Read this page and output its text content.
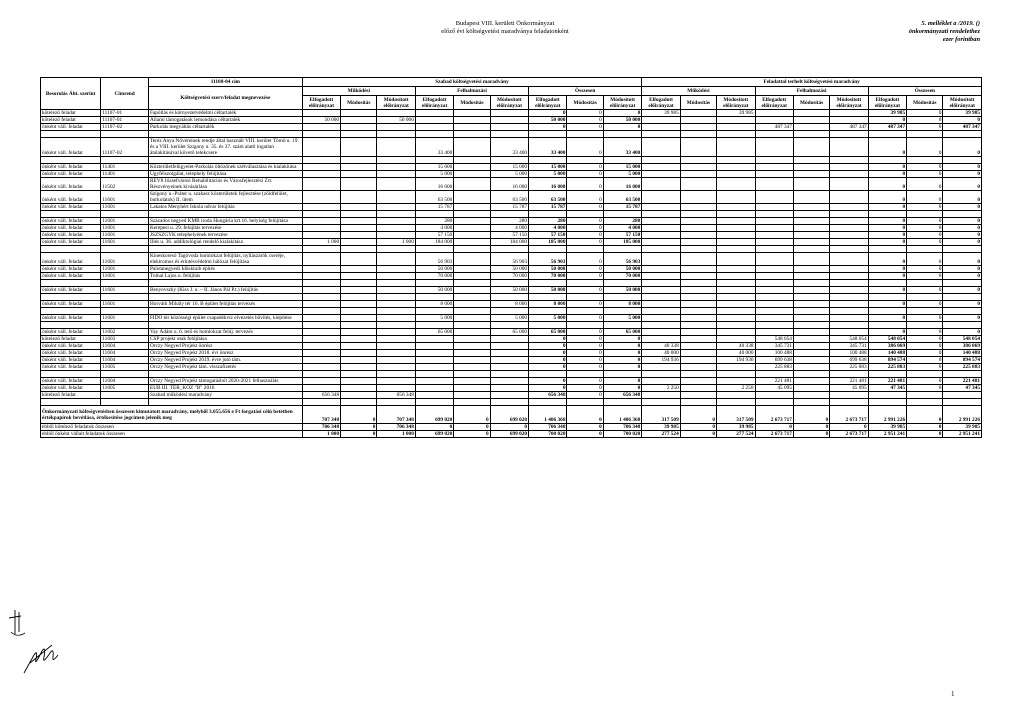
Budapest VIII. kerületi Önkormányzat
előző évi költségvetési maradványa feladatonként
5. melléklet a /2019. ()
önkormányzati rendelethez
ezer forintban
Besorolás Áht. szerint	Címrend	11108-04 cím	Szabad költségvetési maradvány									Feladattal terhelt költségvetési maradvány								
		Költségvetési szerv/feladat megnevezése	Működési			Felhalmozási			Összesen			Működési			Felhalmozási			Összesen		
			Elfogadott előirányzat	Módosítás	Módosított előirányzat	Elfogadott előirányzat	Módosítás	Módosított előirányzat	Elfogadott előirányzat	Módosítás	Módosított előirányzat	Elfogadott előirányzat	Módosítás	Módosított előirányzat	Elfogadott előirányzat	Módosítás	Módosított előirányzat	Elfogadott előirányzat	Módosítás	Módosított előirányzat
kötelező feladat	11107-01	Fapótlás és környezetvédelmi céltartalék							0	0	0	39 985		39 985				39 985	0	39 985
kötelező feladat	11107-01	Állami támogatások lemondása céltartalék	50 000		50 000				50 000	0	50 000							0	0	0
önként váll. feladat	11107-02	Parkolás megváltás céltartalék							0	0	0				487 347		487 347	487 347	0	487 347

önként váll. feladat	11107-02	Teréz Anya Nővéreinek rendje által használt VIII. kerület Tömő u. 19. és a VIII. kerület Szigony u. 35. és 37. szám alatti ingatlan átalakításával követő telekcsere				33 400		33 400	33 400	0	33 400							0	0	0

önként váll. feladat	11401	Közterületfelügyelet-Parkolás öltözőnek szétválasztása és kialakítása				15 000		15 000	15 000	0	15 000							0	0	0
önként váll. feladat	11401	Ügyfélszolgálat, telephely felújítása				5 000		5 000	5 000	0	5 000							0	0	0
önként váll. feladat	11502	RÉV8 Józsefvárosi Rehabilitációs és Városfejlesztési Zrt. Részvényeinek kivásárlása				16 000		16 000	16 000	0	16 000							0	0	0
önként váll. feladat	11601	Szigony u.-Práter u. szakasz közterületek fejlesztése (zöldfelület, burkolatok) II. ütem				63 500		63 500	63 500	0	63 500							0	0	0
önként váll. feladat	11601	Lakatos Menyhért Iskola udvar felújítás				15 787		15 787	15 787	0	15 787							0	0	0

önként váll. feladat	11601	Százados negyed KMB iroda Hungária krt.16. helyiség felújítása				280		280	280	0	280							0	0	0
önként váll. feladat	11601	Kerepesi u. 29. felújítás tervezése				4 000		4 000	4 000	0	4 000							0	0	0
önként váll. feladat	11601	JSZSZGYK telephelyének tervezése				57 150		57 150	57 150	0	57 150							0	0	0
önként váll. feladat	11601	Illés u. 36. addiktológiai rendelő kialakítása	1 000		1 000	184 000		184 000	185 000	0	185 000							0	0	0

önként váll. feladat	11601	Kineskoresó Tagóvoda homlokzat felújítás, nyílászárók cseréje, elektromos és érintésvédelmi hálózat felújítása				56 903		56 903	56 903	0	56 903							0	0	0
önként váll. feladat	11601	Palotanegyedi Időskluib építés				50 000		50 000	50 000	0	50 000							0	0	0
önként váll. feladat	11601	Tolnai Lajos u. felújítás				70 000		70 000	70 000	0	70 000							0	0	0

önként váll. feladat	11601	Benyovszky (Kiss J. u. – II. János Pál P.t.) felújítás				50 000		50 000	50 000	0	50 000							0	0	0

önként váll. feladat	11601	Horváth Mihály tér 16. B épület felújítás tervezés				8 000		8 000	8 000	0	8 000							0	0	0

önként váll. feladat	11601	FIDO tér közösségi épület csapadékvíz elvezetés bővítés, kiépítése				5 000		5 000	5 000	0	5 000							0	0	0

önként váll. feladat	11602	Vay Ádám u. 6. tető és homlokzat felúj. tervezés				65 000		65 000	65 000	0	65 000							0	0	0
kötelező feladat	11603	CSP projekt utak felújítása							0	0	0				548 054		548 054	548 054	0	548 054
önként váll. feladat	11604	Orczy Negyed Projekt önrész							0	0	0	40 338		40 338	345 731		345 731	386 069	0	386 069
önként váll. feladat	11604	Orczy Negyed Projekt 2018. évi önrész							0	0	0	40 000		40 000	100 488		100 488	140 488	0	140 488
önként váll. feladat	11604	Orczy Negyed Projekt 2019. évre jutó tám.							0	0	0	194 936		194 936	699 638		699 638	894 574	0	894 574
önként váll. feladat	11605	Orczy Negyed Projekt tám. visszafizetés							0	0	0				225 883		225 883	225 883	0	225 883

önként váll. feladat	11604	Orczy Negyed Projekt támogatásból 2020-2021 felhasználás							0	0	0				221 481		221 481	221 481	0	221 481
önként váll. feladat	11605	EUB III. TÉR_KÖZ "B" 2016							0	0	0	2 250		2 250	45 095		45 095	47 345	0	47 345
kötelező feladat		Szabad működési maradvány	656 348		656 348				656 348	0	656 348									

Önkormányzati költségvetésben összesen kimutatott maradvány, melyből 3.055.656 e Ft forgatási célú betétben értékpapírok bevétlása, értékesítése jogcímen jelenik meg			707 348	0	707 348	699 020	0	699 020	1 406 368	0	1 406 368	317 509	0	317 509	2 673 717	0	2 673 717	2 991 226	0	2 991 226
ebből kötelező feladatok összesen			706 348	0	706 348	0	0	0	706 348	0	706 348	39 985	0	39 985	0	0	0	39 985	0	39 985
ebből önként vállalt feladatok összesen			1 000	0	1 000	699 020	0	699 020	700 020	0	700 020	277 524	0	277 524	2 673 717	0	2 673 717	2 951 241	0	2 951 241
1
